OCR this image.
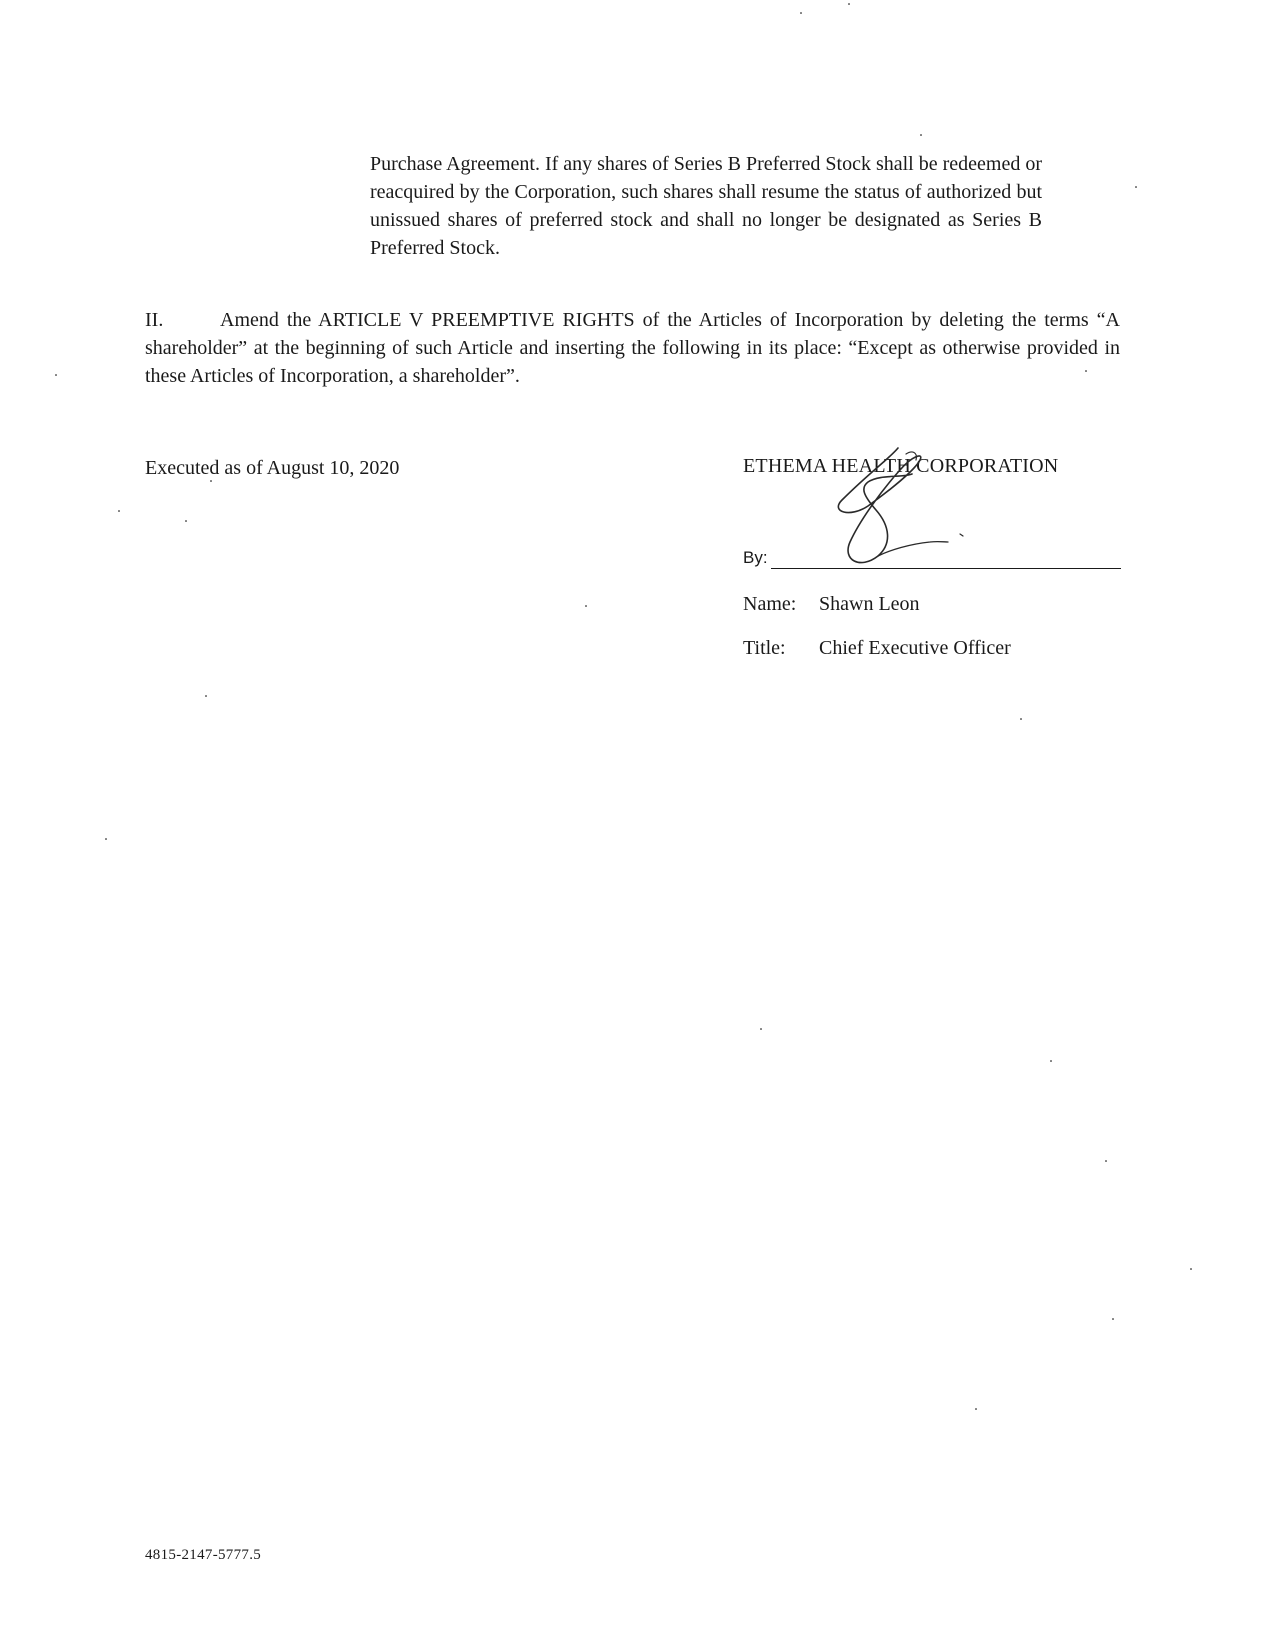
Purchase Agreement. If any shares of Series B Preferred Stock shall be redeemed or reacquired by the Corporation, such shares shall resume the status of authorized but unissued shares of preferred stock and shall no longer be designated as Series B Preferred Stock.

II.	Amend the ARTICLE V PREEMPTIVE RIGHTS of the Articles of Incorporation by deleting the terms “A shareholder” at the beginning of such Article and inserting the following in its place: “Except as otherwise provided in these Articles of Incorporation, a shareholder”.

Executed as of August 10, 2020	ETHEMA HEALTH CORPORATION
By:
Name: Shawn Leon
Title: Chief Executive Officer
4815-2147-5777.5
